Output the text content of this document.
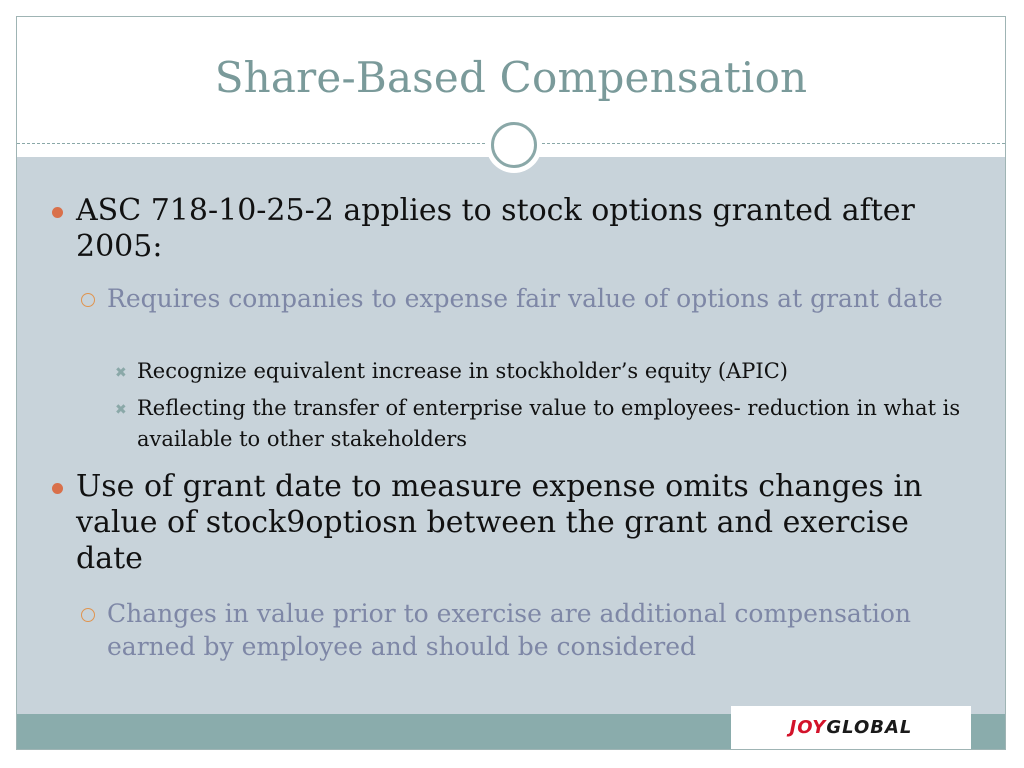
Share-Based Compensation
ASC 718-10-25-2 applies to stock options granted after 2005:
Requires companies to expense fair value of options at grant date
✖ Recognize equivalent increase in stockholder’s equity (APIC)
✖ Reflecting the transfer of enterprise value to employees- reduction in what is available to other stakeholders
Use of grant date to measure expense omits changes in value of stock9optiosn between the grant and exercise date
Changes in value prior to exercise are additional compensation earned by employee and should be considered
JOYGLOBAL
